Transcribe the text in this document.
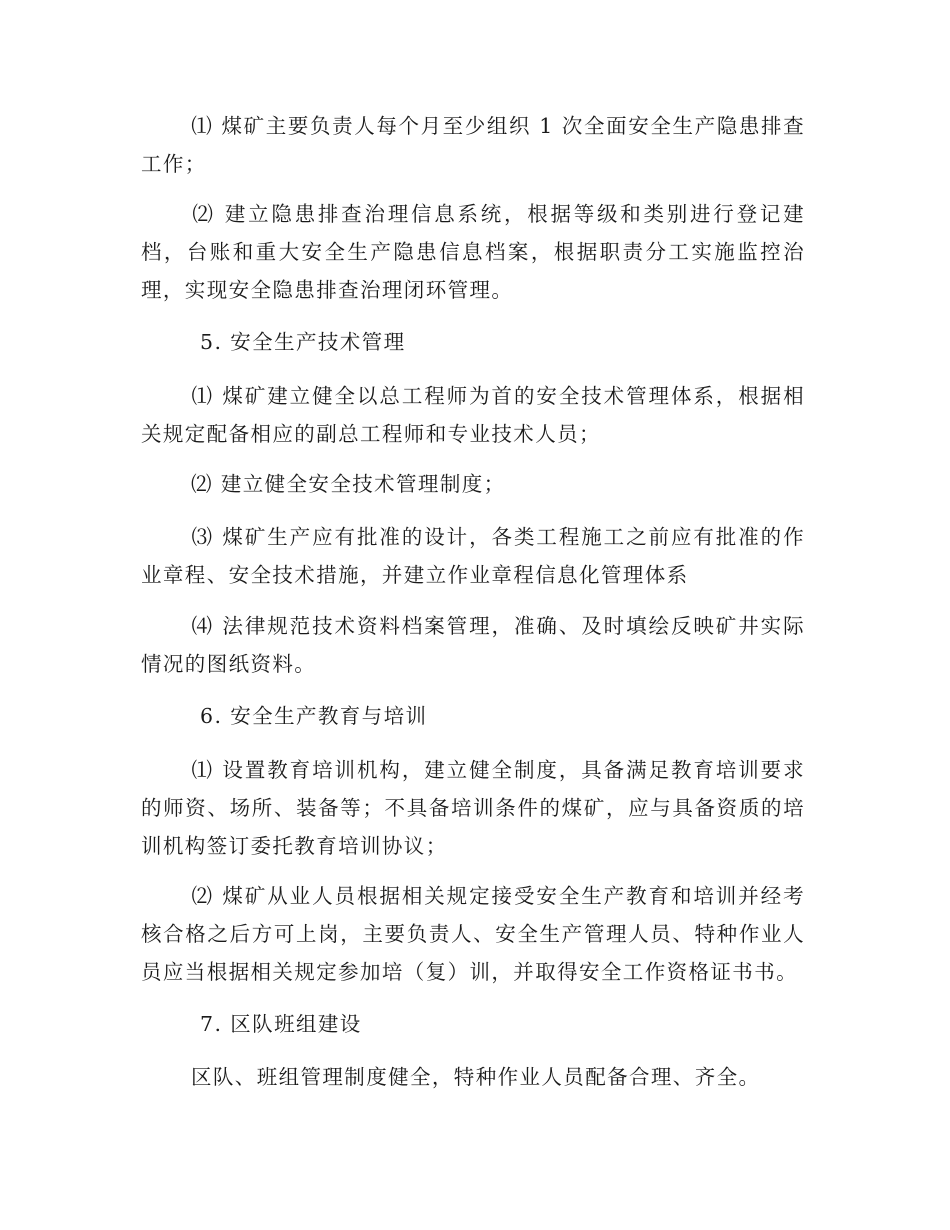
⑴ 煤矿主要负责人每个月至少组织 1 次全面安全生产隐患排查工作；

⑵ 建立隐患排查治理信息系统，根据等级和类别进行登记建档，台账和重大安全生产隐患信息档案，根据职责分工实施监控治理，实现安全隐患排查治理闭环管理。

5. 安全生产技术管理

⑴ 煤矿建立健全以总工程师为首的安全技术管理体系，根据相关规定配备相应的副总工程师和专业技术人员；

⑵ 建立健全安全技术管理制度；

⑶ 煤矿生产应有批准的设计，各类工程施工之前应有批准的作业章程、安全技术措施，并建立作业章程信息化管理体系

⑷ 法律规范技术资料档案管理，准确、及时填绘反映矿井实际情况的图纸资料。

6. 安全生产教育与培训

⑴ 设置教育培训机构，建立健全制度，具备满足教育培训要求的师资、场所、装备等；不具备培训条件的煤矿，应与具备资质的培训机构签订委托教育培训协议；

⑵ 煤矿从业人员根据相关规定接受安全生产教育和培训并经考核合格之后方可上岗，主要负责人、安全生产管理人员、特种作业人员应当根据相关规定参加培（复）训，并取得安全工作资格证书书。

7. 区队班组建设

区队、班组管理制度健全，特种作业人员配备合理、齐全。
